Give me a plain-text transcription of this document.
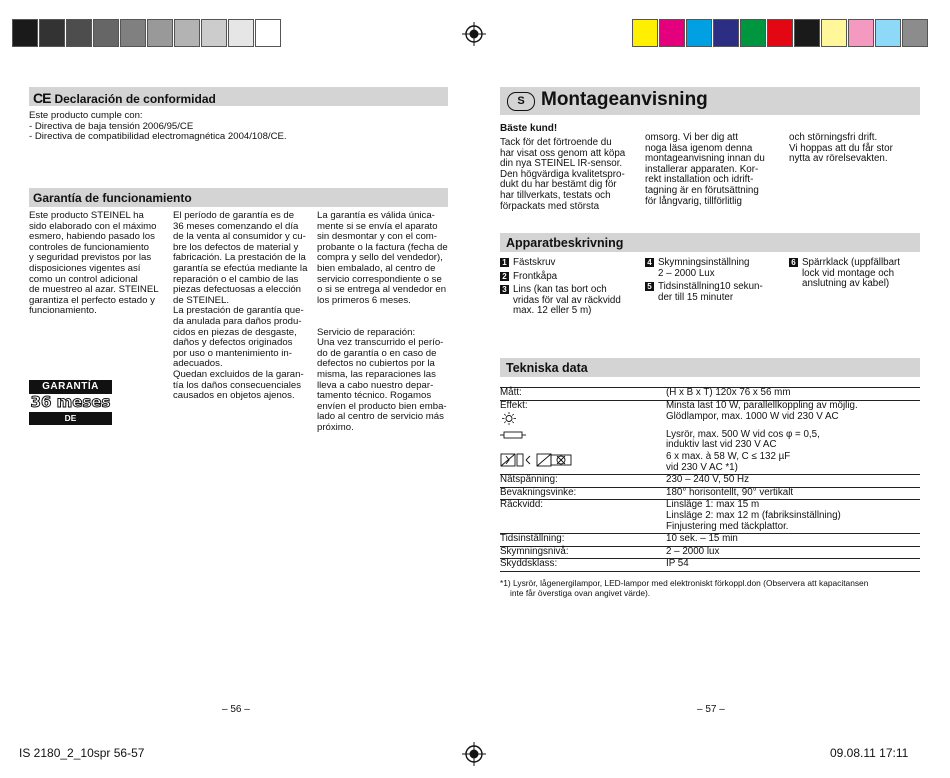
CE Declaración de conformidad
Este producto cumple con:
- Directiva de baja tensión 2006/95/CE
- Directiva de compatibilidad electromagnética 2004/108/CE.
Garantía de funcionamiento
Este producto STEINEL ha
sido elaborado con el máximo
esmero, habiendo pasado los
controles de funcionamiento
y seguridad previstos por las
disposiciones vigentes así
como un control adicional
de muestreo al azar. STEINEL
garantiza el perfecto estado y
funcionamiento.
El período de garantía es de
36 meses comenzando el día
de la venta al consumidor y cu-
bre los defectos de material y
fabricación. La prestación de la
garantía se efectúa mediante la
reparación o el cambio de las
piezas defectuosas a elección
de STEINEL.
La prestación de garantía que-
da anulada para daños produ-
cidos en piezas de desgaste,
daños y defectos originados
por uso o mantenimiento in-
adecuados.
Quedan excluidos de la garan-
tía los daños consecuenciales
causados en objetos ajenos.
La garantía es válida única-
mente si se envía el aparato
sin desmontar y con el com-
probante o la factura (fecha de
compra y sello del vendedor),
bien embalado, al centro de
servicio correspondiente o se
o si se entrega al vendedor en
los primeros 6 meses.

Servicio de reparación:
Una vez transcurrido el perío-
do de garantía o en caso de
defectos no cubiertos por la
misma, las reparaciones las
lleva a cabo nuestro depar-
tamento técnico. Rogamos
envíen el producto bien emba-
lado al centro de servicio más
próximo.
GARANTÍA
36 meses
DE FUNCIONAMIENTO
– 56 –
S Montageanvisning
Bäste kund!
Tack för det förtroende du
har visat oss genom att köpa
din nya STEINEL IR-sensor.
Den högvärdiga kvalitetspro-
dukt du har bestämt dig för
har tillverkats, testats och
förpackats med största
omsorg. Vi ber dig att
noga läsa igenom denna
montageanvisning innan du
installerar apparaten. Kor-
rekt installation och idrift-
tagning är en förutsättning
för långvarig, tillförlitlig
och störningsfri drift.
Vi hoppas att du får stor
nytta av rörelsevakten.
Apparatbeskrivning
1 Fästskruv
2 Frontkåpa
3 Lins (kan tas bort och
vridas för val av räckvidd
max. 12 eller 5 m)
4 Skymningsinställning
2 – 2000 Lux
5 Tidsinställning10 sekun-
der till 15 minuter
6 Spärrklack (uppfällbart
lock vid montage och
anslutning av kabel)
Tekniska data
Mått:	(H x B x T) 120x 76 x 56 mm

Effekt:	Minsta last 10 W, parallellkoppling av möjlig.

Glödlampor, max. 1000 W vid 230 V AC

Lysrör, max. 500 W vid cos φ = 0,5,
induktiv last vid 230 V AC

6 x max. à 58 W, C ≤ 132 µF
vid 230 V AC *1)

Nätspänning:	230 – 240 V, 50 Hz

Bevakningsvinke:	180° horisontellt, 90° vertikalt

Räckvidd:	Linsläge 1: max 15 m
Linsläge 2: max 12 m (fabriksinställning)
Finjustering med täckplattor.

Tidsinställning:	10 sek. – 15 min

Skymningsnivå:	2 – 2000 lux

Skyddsklass:	IP 54
*1) Lysrör, lågenergilampor, LED-lampor med elektroniskt förkoppl.don (Observera att kapacitansen
inte får överstiga ovan angivet värde).
– 57 –
IS 2180_2_10spr 56-57	09.08.11 17:11
